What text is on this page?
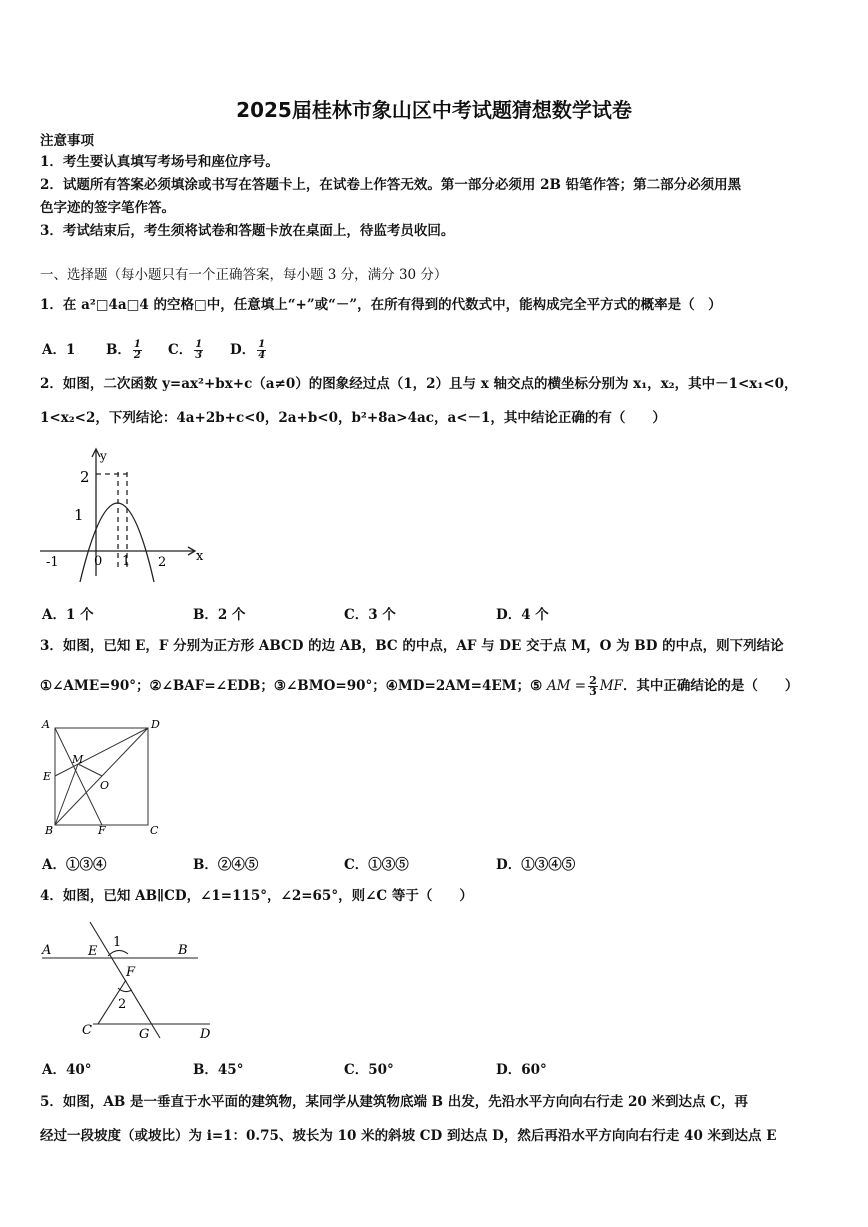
2025届桂林市象山区中考试题猜想数学试卷
注意事项
1．考生要认真填写考场号和座位序号。
2．试题所有答案必须填涂或书写在答题卡上，在试卷上作答无效。第一部分必须用 2B 铅笔作答；第二部分必须用黑
色字迹的签字笔作答。
3．考试结束后，考生须将试卷和答题卡放在桌面上，待监考员收回。
一、选择题（每小题只有一个正确答案，每小题 3 分，满分 30 分）
1．在 a²□4a□4 的空格□中，任意填上“+”或“－”，在所有得到的代数式中，能构成完全平方式的概率是（　）
A．1 B． $\frac{1}{2}$ C． $\frac{1}{3}$ D． $\frac{1}{4}$
2．如图，二次函数 y=ax²+bx+c（a≠0）的图象经过点（1，2）且与 x 轴交点的横坐标分别为 x₁，x₂，其中－1<x₁<0，
1<x₂<2，下列结论：4a+2b+c<0，2a+b<0，b²+8a>4ac，a<－1，其中结论正确的有（　　）
y
x
2
1
-1	0 1 2
A．1 个	B．2 个	C．3 个	D．4 个
3．如图，已知 E，F 分别为正方形 ABCD 的边 AB，BC 的中点，AF 与 DE 交于点 M，O 为 BD 的中点，则下列结论
①∠AME=90°；②∠BAF=∠EDB；③∠BMO=90°；④MD=2AM=4EM；⑤ AM = $\frac{2}{3}$ MF．其中正确结论的是（　　）
A	D
M
E
O
B	F	C
A．①③④	B．②④⑤	C．①③⑤	D．①③④⑤
4．如图，已知 AB∥CD，∠1=115°，∠2=65°，则∠C 等于（　　）
A	E
1
B
F
2
C	G	D
A．40°	B．45°	C．50°	D．60°
5．如图，AB 是一垂直于水平面的建筑物，某同学从建筑物底端 B 出发，先沿水平方向向右行走 20 米到达点 C，再
经过一段坡度（或坡比）为 i=1：0.75、坡长为 10 米的斜坡 CD 到达点 D，然后再沿水平方向向右行走 40 米到达点 E
